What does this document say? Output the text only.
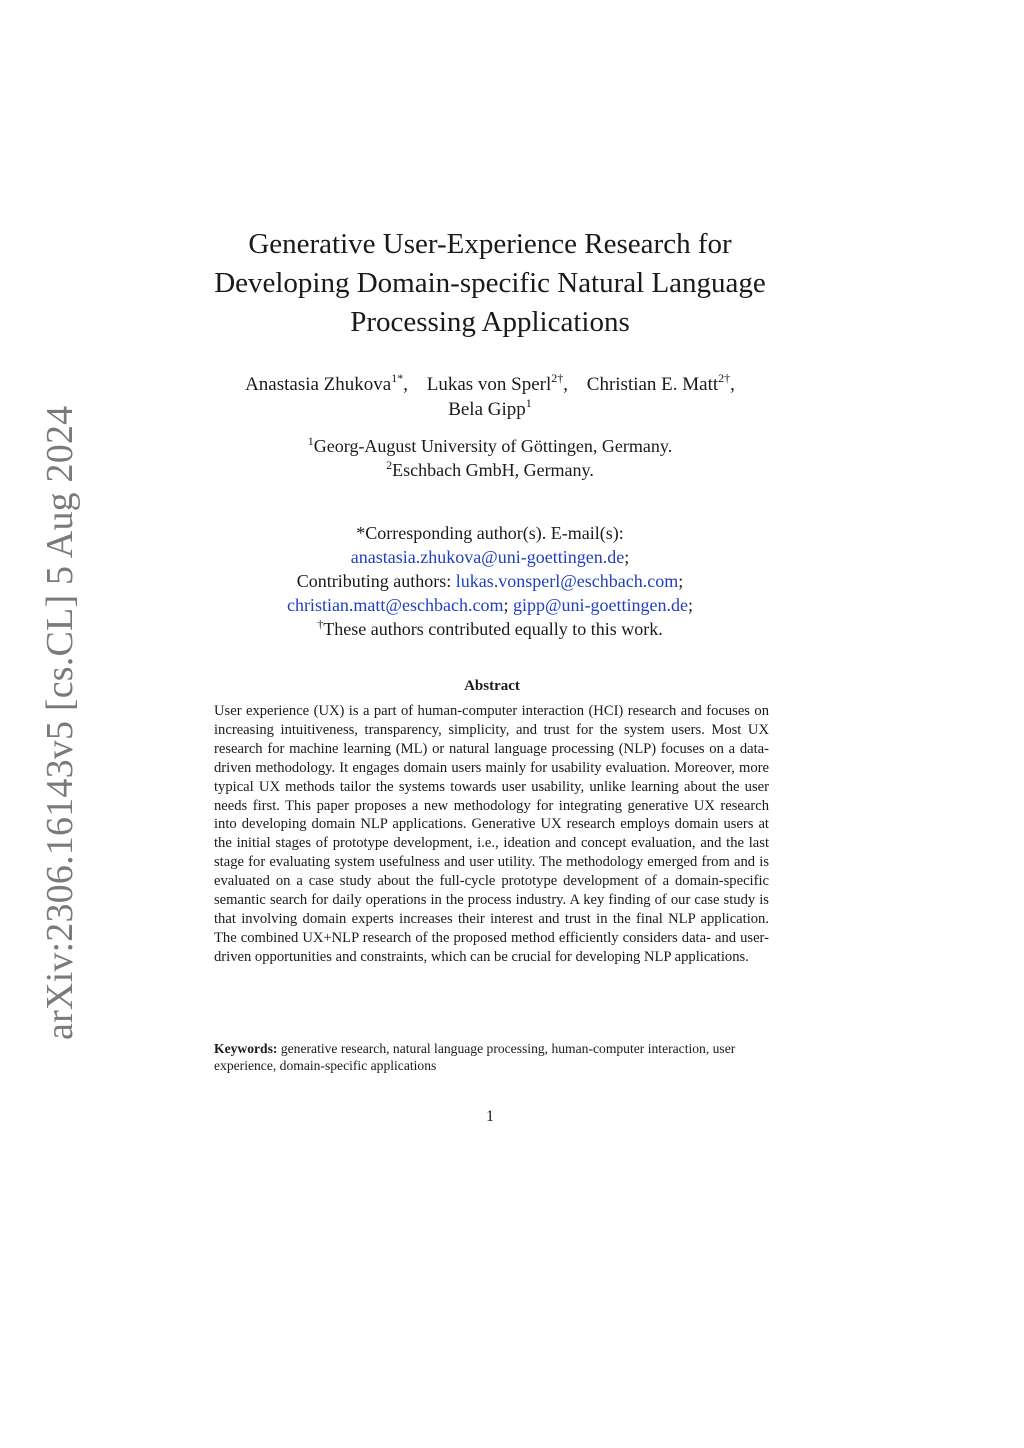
arXiv:2306.16143v5 [cs.CL] 5 Aug 2024
Generative User-Experience Research for
Developing Domain-specific Natural Language
Processing Applications
Anastasia Zhukova$^{1*}$, Lukas von Sperl$^{2\dagger}$, Christian E. Matt$^{2\dagger}$,
Bela Gipp$^1$
$^1$Georg-August University of Göttingen, Germany.
$^2$Eschbach GmbH, Germany.
*Corresponding author(s). E-mail(s):
anastasia.zhukova@uni-goettingen.de;
Contributing authors: lukas.vonsperl@eschbach.com;
christian.matt@eschbach.com; gipp@uni-goettingen.de;
†These authors contributed equally to this work.
Abstract
User experience (UX) is a part of human-computer interaction (HCI) research and focuses on increasing intuitiveness, transparency, simplicity, and trust for the system users. Most UX research for machine learning (ML) or natural language processing (NLP) focuses on a data-driven methodology. It engages domain users mainly for usability evaluation. Moreover, more typical UX methods tailor the systems towards user usability, unlike learning about the user needs first. This paper proposes a new methodology for integrating generative UX research into developing domain NLP applications. Generative UX research employs domain users at the initial stages of prototype development, i.e., ideation and concept evaluation, and the last stage for evaluating system usefulness and user utility. The methodology emerged from and is evaluated on a case study about the full-cycle prototype development of a domain-specific semantic search for daily operations in the process industry. A key finding of our case study is that involving domain experts increases their interest and trust in the final NLP application. The combined UX+NLP research of the proposed method efficiently considers data- and user-driven opportunities and constraints, which can be crucial for developing NLP applications.
Keywords: generative research, natural language processing, human-computer interaction, user experience, domain-specific applications
1
